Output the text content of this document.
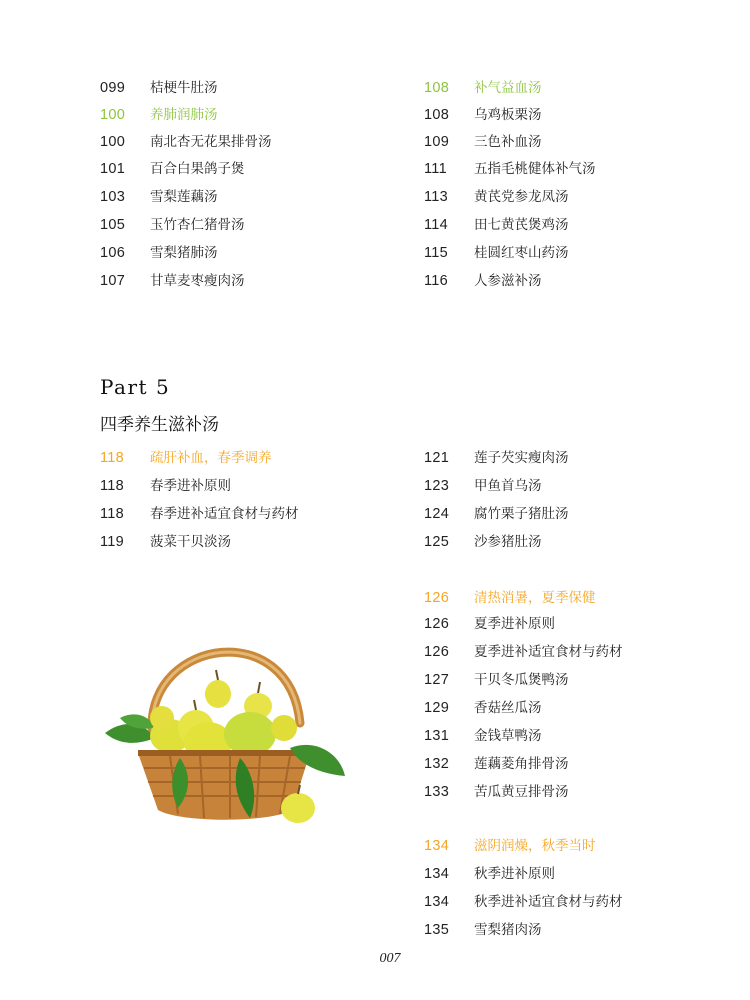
099 桔梗牛肚汤
100 养肺润肺汤
100 南北杏无花果排骨汤
101 百合白果鸽子煲
103 雪梨莲藕汤
105 玉竹杏仁猪骨汤
106 雪梨猪肺汤
107 甘草麦枣瘦肉汤
108 补气益血汤
108 乌鸡板栗汤
109 三色补血汤
111 五指毛桃健体补气汤
113 黄芪党参龙凤汤
114 田七黄芪煲鸡汤
115 桂圆红枣山药汤
116 人参滋补汤
Part 5
四季养生滋补汤
118 疏肝补血，春季调养
118 春季进补原则
118 春季进补适宜食材与药材
119 菠菜干贝淡汤
121 莲子芡实瘦肉汤
123 甲鱼首乌汤
124 腐竹栗子猪肚汤
125 沙参猪肚汤
126 清热消暑，夏季保健
126 夏季进补原则
126 夏季进补适宜食材与药材
127 干贝冬瓜煲鸭汤
129 香菇丝瓜汤
131 金钱草鸭汤
132 莲藕菱角排骨汤
133 苦瓜黄豆排骨汤
134 滋阴润燥，秋季当时
134 秋季进补原则
134 秋季进补适宜食材与药材
135 雪梨猪肉汤
007
